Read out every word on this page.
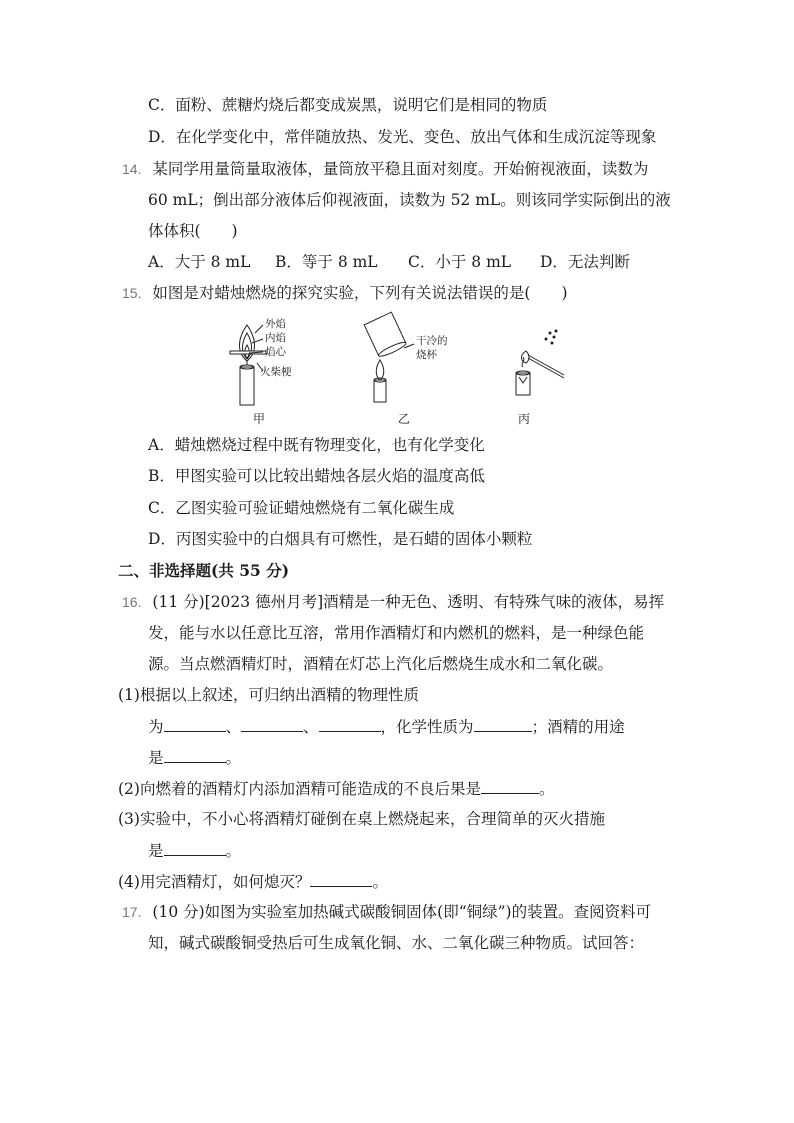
C．面粉、蔗糖灼烧后都变成炭黑，说明它们是相同的物质
D．在化学变化中，常伴随放热、发光、变色、放出气体和生成沉淀等现象
14. 某同学用量筒量取液体，量筒放平稳且面对刻度。开始俯视液面，读数为
60 mL；倒出部分液体后仰视液面，读数为 52 mL。则该同学实际倒出的液
体体积(　　)
A．大于 8 mL B．等于 8 mL C．小于 8 mL D．无法判断
15. 如图是对蜡烛燃烧的探究实验，下列有关说法错误的是(　　)
外焰
内焰
焰心
火柴梗
甲
干冷的
烧杯
乙	丙
A．蜡烛燃烧过程中既有物理变化，也有化学变化
B．甲图实验可以比较出蜡烛各层火焰的温度高低
C．乙图实验可验证蜡烛燃烧有二氧化碳生成
D．丙图实验中的白烟具有可燃性，是石蜡的固体小颗粒
二、非选择题(共 55 分)
16. (11 分)[2023 德州月考]酒精是一种无色、透明、有特殊气味的液体，易挥
发，能与水以任意比互溶，常用作酒精灯和内燃机的燃料，是一种绿色能
源。当点燃酒精灯时，酒精在灯芯上汽化后燃烧生成水和二氧化碳。
(1)根据以上叙述，可归纳出酒精的物理性质
为	、	、	，化学性质为	；酒精的用途
是	。
(2)向燃着的酒精灯内添加酒精可能造成的不良后果是	。
(3)实验中，不小心将酒精灯碰倒在桌上燃烧起来，合理简单的灭火措施
是	。
(4)用完酒精灯，如何熄灭？	。
17. (10 分)如图为实验室加热碱式碳酸铜固体(即“铜绿”)的装置。查阅资料可
知，碱式碳酸铜受热后可生成氧化铜、水、二氧化碳三种物质。试回答：
